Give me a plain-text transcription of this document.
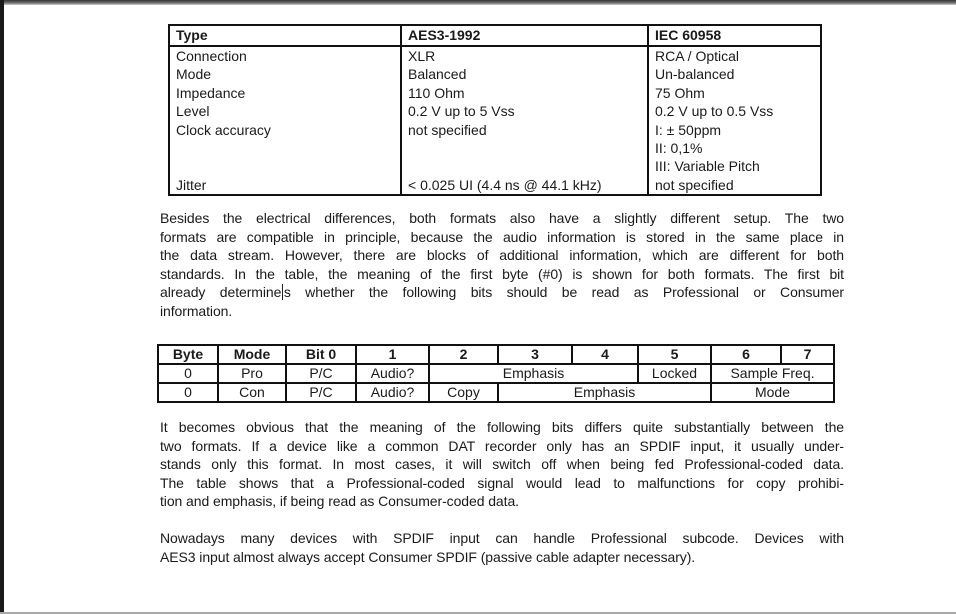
Type	AES3-1992	IEC 60958
Connection	XLR	RCA / Optical
Mode	Balanced	Un-balanced
Impedance	110 Ohm	75 Ohm
Level	0.2 V up to 5 Vss	0.2 V up to 0.5 Vss
Clock accuracy	not specified	I: ± 50ppm
		II: 0,1%
		III: Variable Pitch
Jitter	< 0.025 UI (4.4 ns @ 44.1 kHz)	not specified
Besides the electrical differences, both formats also have a slightly different setup. The two
formats are compatible in principle, because the audio information is stored in the same place in
the data stream. However, there are blocks of additional information, which are different for both
standards. In the table, the meaning of the first byte (#0) is shown for both formats. The first bit
already determine s whether the following bits should be read as Professional or Consumer
information.
Byte	Mode	Bit 0	1	2	3	4	5	6	7
0	Pro	P/C	Audio?	Emphasis			Locked	Sample Freq.	
0	Con	P/C	Audio?	Copy	Emphasis			Mode	
It becomes obvious that the meaning of the following bits differs quite substantially between the
two formats. If a device like a common DAT recorder only has an SPDIF input, it usually under-
stands only this format. In most cases, it will switch off when being fed Professional-coded data.
The table shows that a Professional-coded signal would lead to malfunctions for copy prohibi-
tion and emphasis, if being read as Consumer-coded data.
Nowadays many devices with SPDIF input can handle Professional subcode. Devices with
AES3 input almost always accept Consumer SPDIF (passive cable adapter necessary).
